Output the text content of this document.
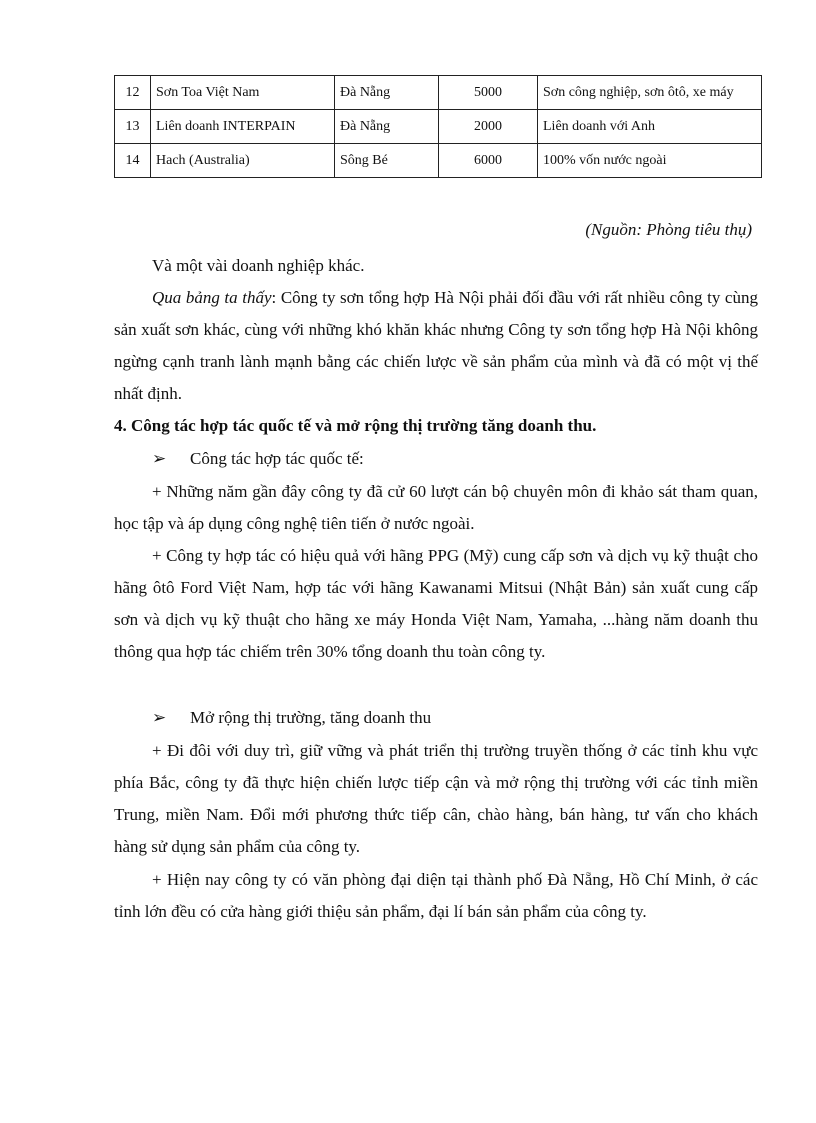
12	Sơn Toa Việt Nam	Đà Nẵng	5000	Sơn công nghiệp, sơn ôtô, xe máy
13	Liên doanh INTERPAIN	Đà Nẵng	2000	Liên doanh với Anh
14	Hach (Australia)	Sông Bé	6000	100% vốn nước ngoài
(Nguồn: Phòng tiêu thụ)
Và một vài doanh nghiệp khác.
Qua bảng ta thấy: Công ty sơn tổng hợp Hà Nội phải đối đầu với rất nhiều công ty cùng sản xuất sơn khác, cùng với những khó khăn khác nhưng Công ty sơn tổng hợp Hà Nội không ngừng cạnh tranh lành mạnh bằng các chiến lược về sản phẩm của mình và đã có một vị thế nhất định.
4. Công tác hợp tác quốc tế và mở rộng thị trường tăng doanh thu.
➢ Công tác hợp tác quốc tế:
+ Những năm gần đây công ty đã cử 60 lượt cán bộ chuyên môn đi khảo sát tham quan, học tập và áp dụng công nghệ tiên tiến ở nước ngoài.
+ Công ty hợp tác có hiệu quả với hãng PPG (Mỹ) cung cấp sơn và dịch vụ kỹ thuật cho hãng ôtô Ford Việt Nam, hợp tác với hãng Kawanami Mitsui (Nhật Bản) sản xuất cung cấp sơn và dịch vụ kỹ thuật cho hãng xe máy Honda Việt Nam, Yamaha, ...hàng năm doanh thu thông qua hợp tác chiếm trên 30% tổng doanh thu toàn công ty.
➢ Mở rộng thị trường, tăng doanh thu
+ Đi đôi với duy trì, giữ vững và phát triển thị trường truyền thống ở các tỉnh khu vực phía Bắc, công ty đã thực hiện chiến lược tiếp cận và mở rộng thị trường với các tỉnh miền Trung, miền Nam. Đổi mới phương thức tiếp cân, chào hàng, bán hàng, tư vấn cho khách hàng sử dụng sản phẩm của công ty.
+ Hiện nay công ty có văn phòng đại diện tại thành phố Đà Nẵng, Hồ Chí Minh, ở các tỉnh lớn đều có cửa hàng giới thiệu sản phẩm, đại lí bán sản phẩm của công ty.
